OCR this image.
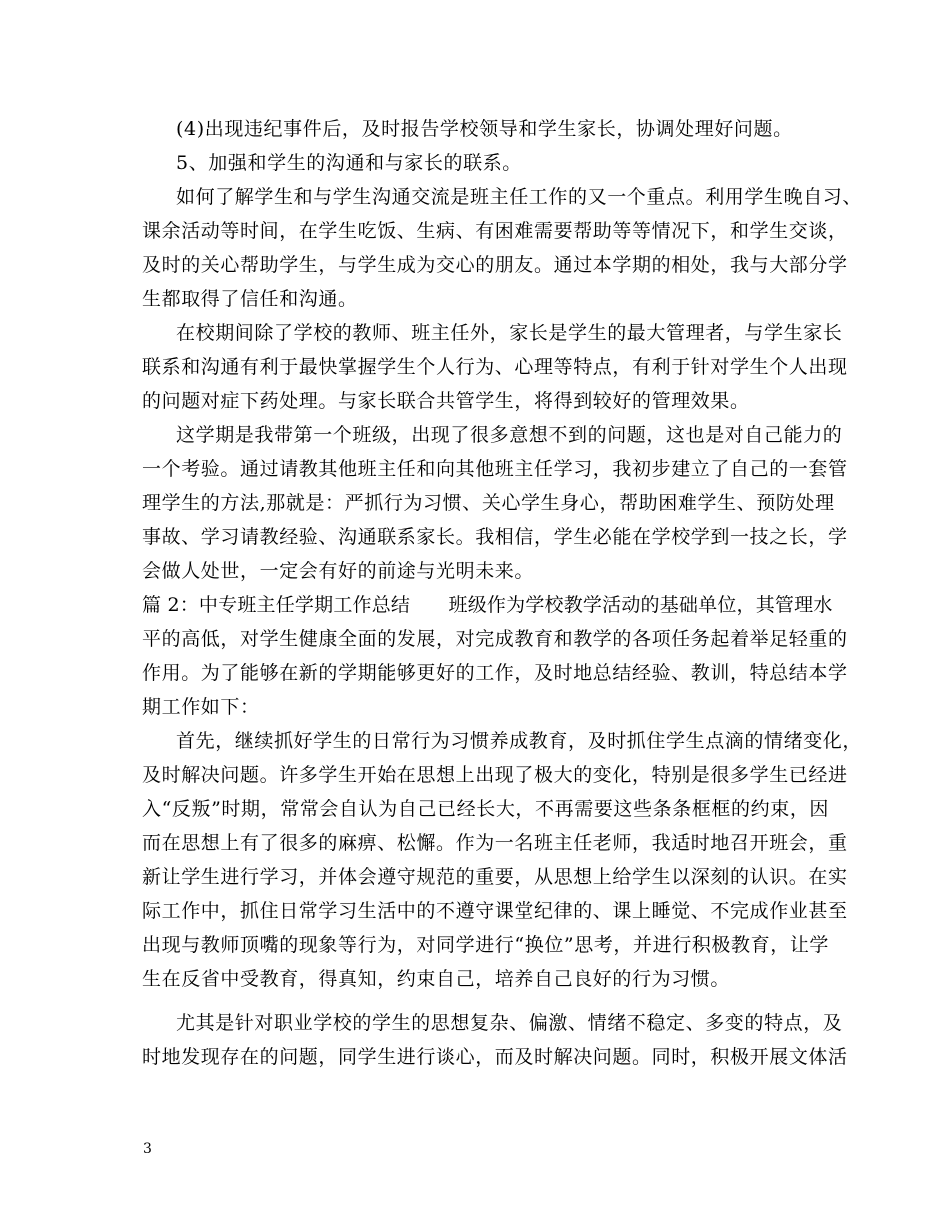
(4)出现违纪事件后，及时报告学校领导和学生家长，协调处理好问题。
5、加强和学生的沟通和与家长的联系。
如何了解学生和与学生沟通交流是班主任工作的又一个重点。利用学生晚自习、
课余活动等时间，在学生吃饭、生病、有困难需要帮助等等情况下，和学生交谈，
及时的关心帮助学生，与学生成为交心的朋友。通过本学期的相处，我与大部分学
生都取得了信任和沟通。
在校期间除了学校的教师、班主任外，家长是学生的最大管理者，与学生家长
联系和沟通有利于最快掌握学生个人行为、心理等特点，有利于针对学生个人出现
的问题对症下药处理。与家长联合共管学生，将得到较好的管理效果。
这学期是我带第一个班级，出现了很多意想不到的问题，这也是对自己能力的
一个考验。通过请教其他班主任和向其他班主任学习，我初步建立了自己的一套管
理学生的方法,那就是：严抓行为习惯、关心学生身心，帮助困难学生、预防处理
事故、学习请教经验、沟通联系家长。我相信，学生必能在学校学到一技之长，学
会做人处世，一定会有好的前途与光明未来。
篇 2：中专班主任学期工作总结　　班级作为学校教学活动的基础单位，其管理水
平的高低，对学生健康全面的发展，对完成教育和教学的各项任务起着举足轻重的
作用。为了能够在新的学期能够更好的工作，及时地总结经验、教训，特总结本学
期工作如下：
首先，继续抓好学生的日常行为习惯养成教育，及时抓住学生点滴的情绪变化，
及时解决问题。许多学生开始在思想上出现了极大的变化，特别是很多学生已经进
入“反叛”时期，常常会自认为自己已经长大，不再需要这些条条框框的约束，因
而在思想上有了很多的麻痹、松懈。作为一名班主任老师，我适时地召开班会，重
新让学生进行学习，并体会遵守规范的重要，从思想上给学生以深刻的认识。在实
际工作中，抓住日常学习生活中的不遵守课堂纪律的、课上睡觉、不完成作业甚至
出现与教师顶嘴的现象等行为，对同学进行“换位”思考，并进行积极教育，让学
生在反省中受教育，得真知，约束自己，培养自己良好的行为习惯。
尤其是针对职业学校的学生的思想复杂、偏激、情绪不稳定、多变的特点，及
时地发现存在的问题，同学生进行谈心，而及时解决问题。同时，积极开展文体活
3
